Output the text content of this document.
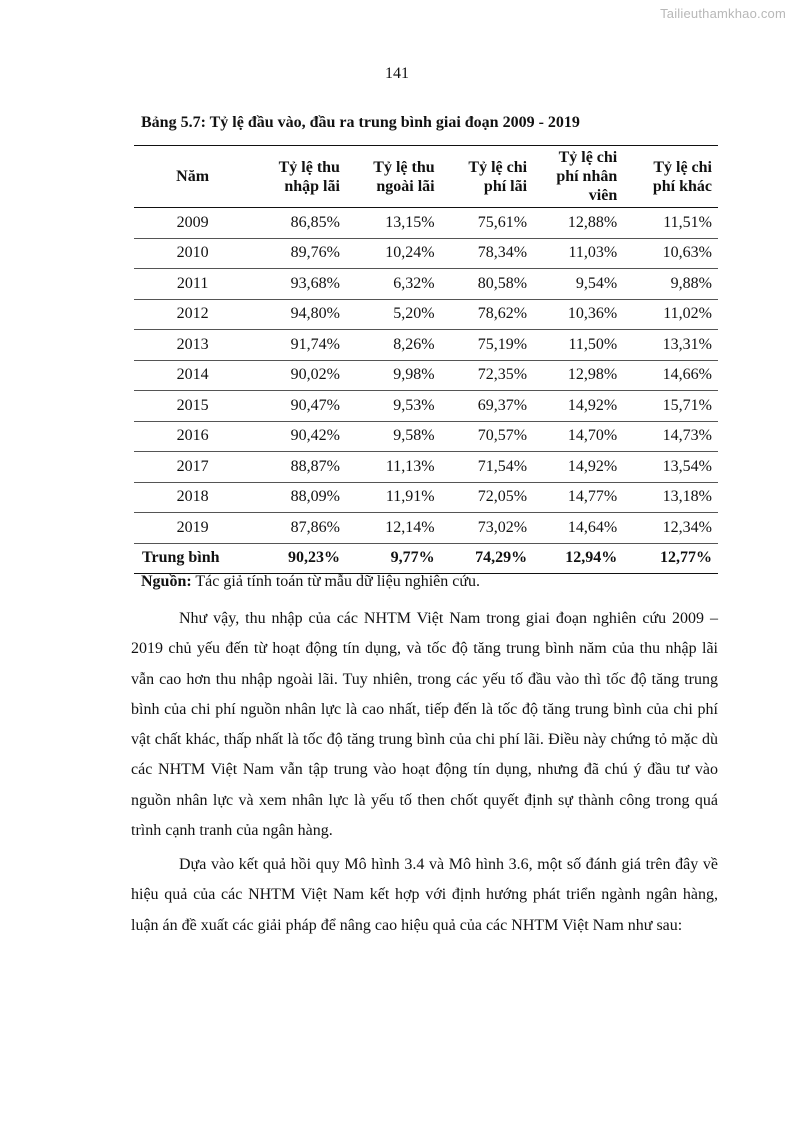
Tailieuthamkhao.com
141
Bảng 5.7: Tỷ lệ đầu vào, đầu ra trung bình giai đoạn 2009 - 2019
Năm	Tỷ lệ thu nhập lãi	Tỷ lệ thu ngoài lãi	Tỷ lệ chi phí lãi	Tỷ lệ chi phí nhân viên	Tỷ lệ chi phí khác
2009	86,85%	13,15%	75,61%	12,88%	11,51%
2010	89,76%	10,24%	78,34%	11,03%	10,63%
2011	93,68%	6,32%	80,58%	9,54%	9,88%
2012	94,80%	5,20%	78,62%	10,36%	11,02%
2013	91,74%	8,26%	75,19%	11,50%	13,31%
2014	90,02%	9,98%	72,35%	12,98%	14,66%
2015	90,47%	9,53%	69,37%	14,92%	15,71%
2016	90,42%	9,58%	70,57%	14,70%	14,73%
2017	88,87%	11,13%	71,54%	14,92%	13,54%
2018	88,09%	11,91%	72,05%	14,77%	13,18%
2019	87,86%	12,14%	73,02%	14,64%	12,34%
Trung bình	90,23%	9,77%	74,29%	12,94%	12,77%
Nguồn: Tác giả tính toán từ mẫu dữ liệu nghiên cứu.

Như vậy, thu nhập của các NHTM Việt Nam trong giai đoạn nghiên cứu 2009 – 2019 chủ yếu đến từ hoạt động tín dụng, và tốc độ tăng trung bình năm của thu nhập lãi vẫn cao hơn thu nhập ngoài lãi. Tuy nhiên, trong các yếu tố đầu vào thì tốc độ tăng trung bình của chi phí nguồn nhân lực là cao nhất, tiếp đến là tốc độ tăng trung bình của chi phí vật chất khác, thấp nhất là tốc độ tăng trung bình của chi phí lãi. Điều này chứng tỏ mặc dù các NHTM Việt Nam vẫn tập trung vào hoạt động tín dụng, nhưng đã chú ý đầu tư vào nguồn nhân lực và xem nhân lực là yếu tố then chốt quyết định sự thành công trong quá trình cạnh tranh của ngân hàng.

Dựa vào kết quả hồi quy Mô hình 3.4 và Mô hình 3.6, một số đánh giá trên đây về hiệu quả của các NHTM Việt Nam kết hợp với định hướng phát triển ngành ngân hàng, luận án đề xuất các giải pháp để nâng cao hiệu quả của các NHTM Việt Nam như sau:
